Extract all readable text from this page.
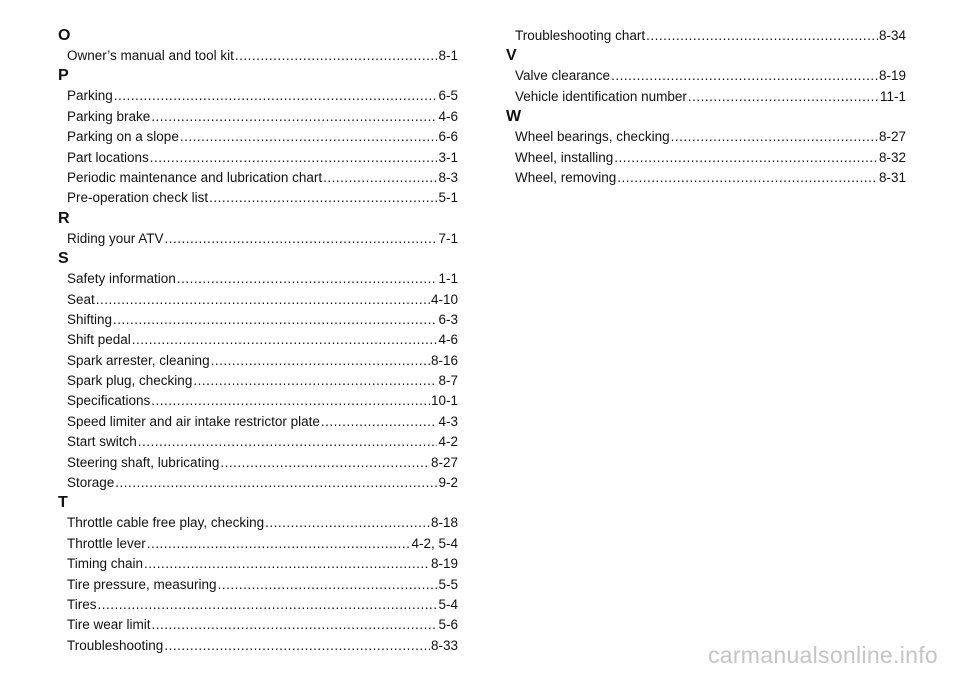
O
Owner’s manual and tool kit .....	8-1
P
Parking .....	6-5
Parking brake .....	4-6
Parking on a slope .....	6-6
Part locations .....	3-1
Periodic maintenance and lubrication chart .....	8-3
Pre-operation check list .....	5-1
R
Riding your ATV .....	7-1
S
Safety information .....	1-1
Seat .....	4-10
Shifting .....	6-3
Shift pedal .....	4-6
Spark arrester, cleaning .....	8-16
Spark plug, checking .....	8-7
Specifications .....	10-1
Speed limiter and air intake restrictor plate .....	4-3
Start switch .....	4-2
Steering shaft, lubricating .....	8-27
Storage .....	9-2
T
Throttle cable free play, checking .....	8-18
Throttle lever .....	4-2, 5-4
Timing chain .....	8-19
Tire pressure, measuring .....	5-5
Tires .....	5-4
Tire wear limit .....	5-6
Troubleshooting .....	8-33
Troubleshooting chart .....	8-34
V
Valve clearance .....	8-19
Vehicle identification number .....	11-1
W
Wheel bearings, checking .....	8-27
Wheel, installing .....	8-32
Wheel, removing .....	8-31
carmanualsonline.info
